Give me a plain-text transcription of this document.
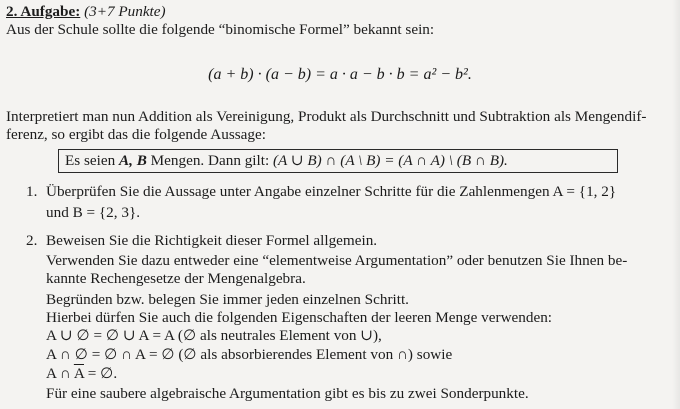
2. Aufgabe: (3+7 Punkte)
Aus der Schule sollte die folgende “binomische Formel” bekannt sein:
(a + b) · (a − b) = a · a − b · b = a² − b².
Interpretiert man nun Addition als Vereinigung, Produkt als Durchschnitt und Subtraktion als Mengendif-
ferenz, so ergibt das die folgende Aussage:
Es seien A, B Mengen. Dann gilt: (A ∪ B) ∩ (A \ B) = (A ∩ A) \ (B ∩ B).
1. Überprüfen Sie die Aussage unter Angabe einzelner Schritte für die Zahlenmengen A = {1, 2}
und B = {2, 3}.
2. Beweisen Sie die Richtigkeit dieser Formel allgemein.
Verwenden Sie dazu entweder eine “elementweise Argumentation” oder benutzen Sie Ihnen be-
kannte Rechengesetze der Mengenalgebra.
Begründen bzw. belegen Sie immer jeden einzelnen Schritt.
Hierbei dürfen Sie auch die folgenden Eigenschaften der leeren Menge verwenden:
A ∪ ∅ = ∅ ∪ A = A (∅ als neutrales Element von ∪),
A ∩ ∅ = ∅ ∩ A = ∅ (∅ als absorbierendes Element von ∩) sowie
A ∩ $\overline{A}$ = ∅.
Für eine saubere algebraische Argumentation gibt es bis zu zwei Sonderpunkte.
